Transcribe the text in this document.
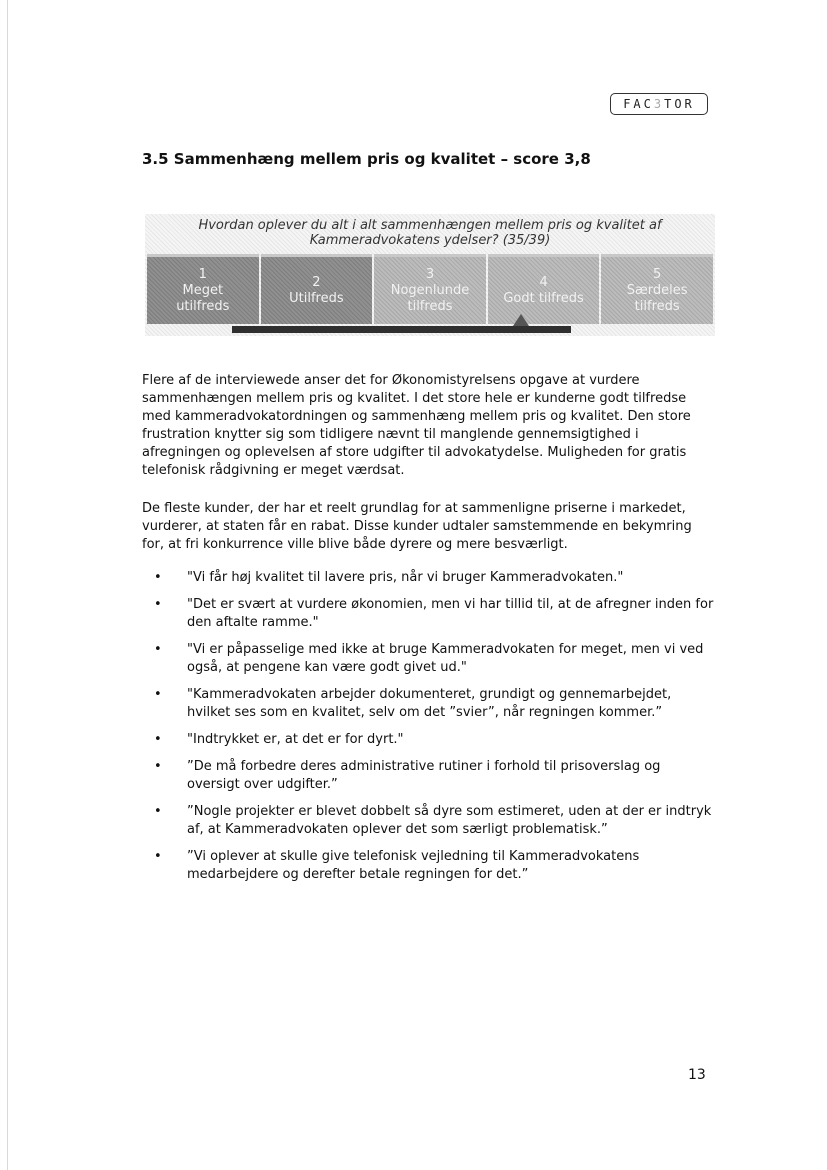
FAC 3 TOR
3.5 Sammenhæng mellem pris og kvalitet – score 3,8
Hvordan oplever du alt i alt sammenhængen mellem pris og kvalitet af Kammeradvokatens ydelser? (35/39)
1
Meget
utilfreds
2
Utilfreds
3
Nogenlunde
tilfreds
4
Godt tilfreds
5
Særdeles
tilfreds

Flere af de interviewede anser det for Økonomistyrelsens opgave at vurdere sammenhængen mellem pris og kvalitet. I det store hele er kunderne godt tilfredse med kammeradvokatordningen og sammenhæng mellem pris og kvalitet. Den store frustration knytter sig som tidligere nævnt til manglende gennemsigtighed i afregningen og oplevelsen af store udgifter til advokatydelse. Muligheden for gratis telefonisk rådgivning er meget værdsat.

De fleste kunder, der har et reelt grundlag for at sammenligne priserne i markedet, vurderer, at staten får en rabat. Disse kunder udtaler samstemmende en bekymring for, at fri konkurrence ville blive både dyrere og mere besværligt.

• "Vi får høj kvalitet til lavere pris, når vi bruger Kammeradvokaten."
• "Det er svært at vurdere økonomien, men vi har tillid til, at de afregner inden for den aftalte ramme."
• "Vi er påpasselige med ikke at bruge Kammeradvokaten for meget, men vi ved også, at pengene kan være godt givet ud."
• "Kammeradvokaten arbejder dokumenteret, grundigt og gennemarbejdet, hvilket ses som en kvalitet, selv om det ”svier”, når regningen kommer.”
• "Indtrykket er, at det er for dyrt."
• ”De må forbedre deres administrative rutiner i forhold til prisoverslag og oversigt over udgifter.”
• ”Nogle projekter er blevet dobbelt så dyre som estimeret, uden at der er indtryk af, at Kammeradvokaten oplever det som særligt problematisk.”
• ”Vi oplever at skulle give telefonisk vejledning til Kammeradvokatens medarbejdere og derefter betale regningen for det.”
13
